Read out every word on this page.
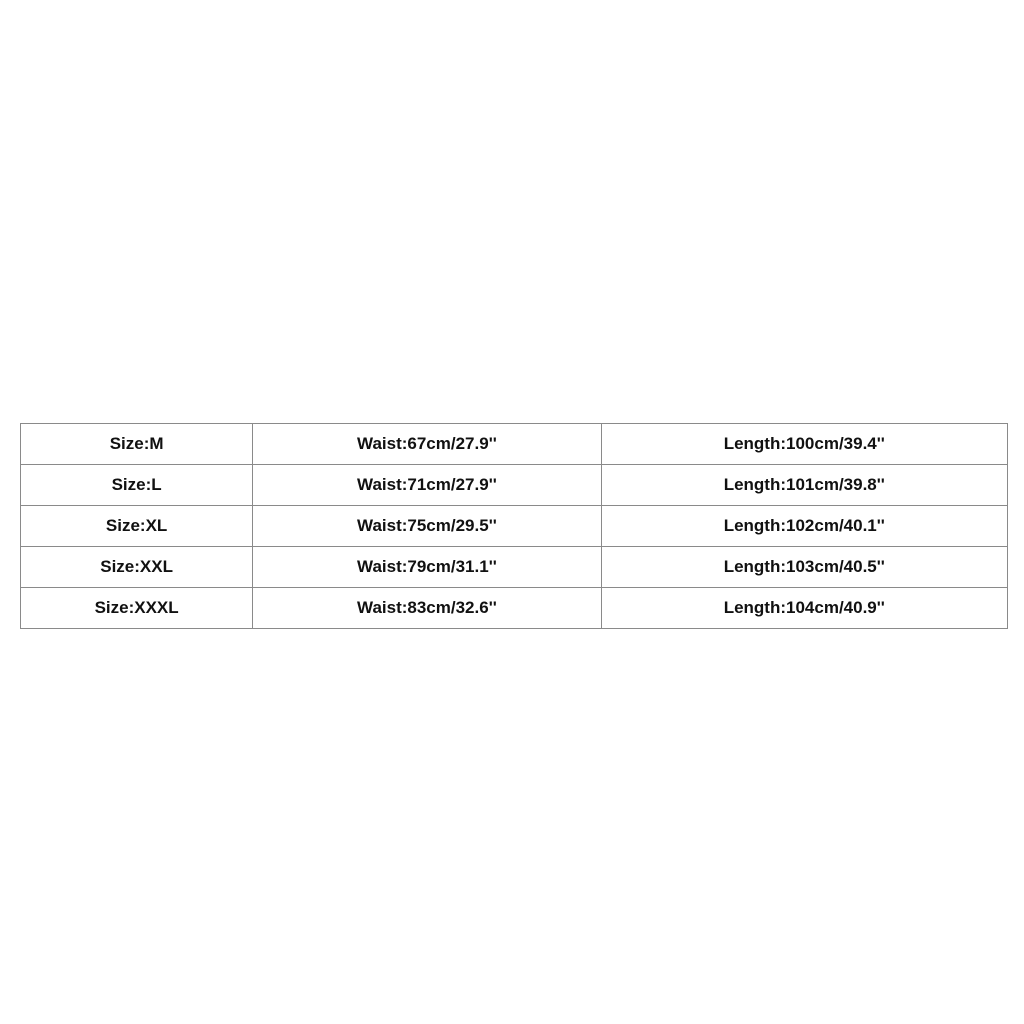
Size:M	Waist:67cm/27.9''	Length:100cm/39.4''
Size:L	Waist:71cm/27.9''	Length:101cm/39.8''
Size:XL	Waist:75cm/29.5''	Length:102cm/40.1''
Size:XXL	Waist:79cm/31.1''	Length:103cm/40.5''
Size:XXXL	Waist:83cm/32.6''	Length:104cm/40.9''
